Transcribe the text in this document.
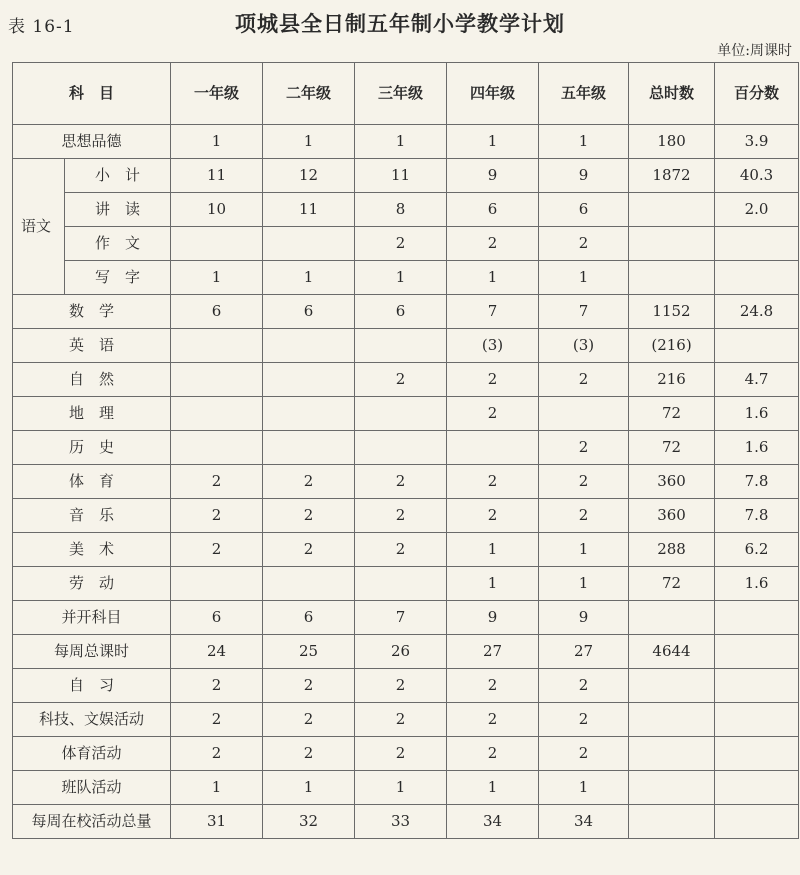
表 16-1	项城县全日制五年制小学教学计划
单位:周课时
科　目		一年级	二年级	三年级	四年级	五年级	总时数	百分数
思想品德		1	1	1	1	1	180	3.9
语文	小　计	11	12	11	9	9	1872	40.3
	讲　读	10	11	8	6	6		2.0
	作　文			2	2	2		
	写　字	1	1	1	1	1		
数　学		6	6	6	7	7	1152	24.8
英　语					(3)	(3)	(216)	
自　然				2	2	2	216	4.7
地　理					2		72	1.6
历　史						2	72	1.6
体　育		2	2	2	2	2	360	7.8
音　乐		2	2	2	2	2	360	7.8
美　术		2	2	2	1	1	288	6.2
劳　动					1	1	72	1.6
并开科目		6	6	7	9	9		
每周总课时		24	25	26	27	27	4644	
自　习		2	2	2	2	2		
科技、文娱活动		2	2	2	2	2		
体育活动		2	2	2	2	2		
班队活动		1	1	1	1	1		
每周在校活动总量		31	32	33	34	34		
